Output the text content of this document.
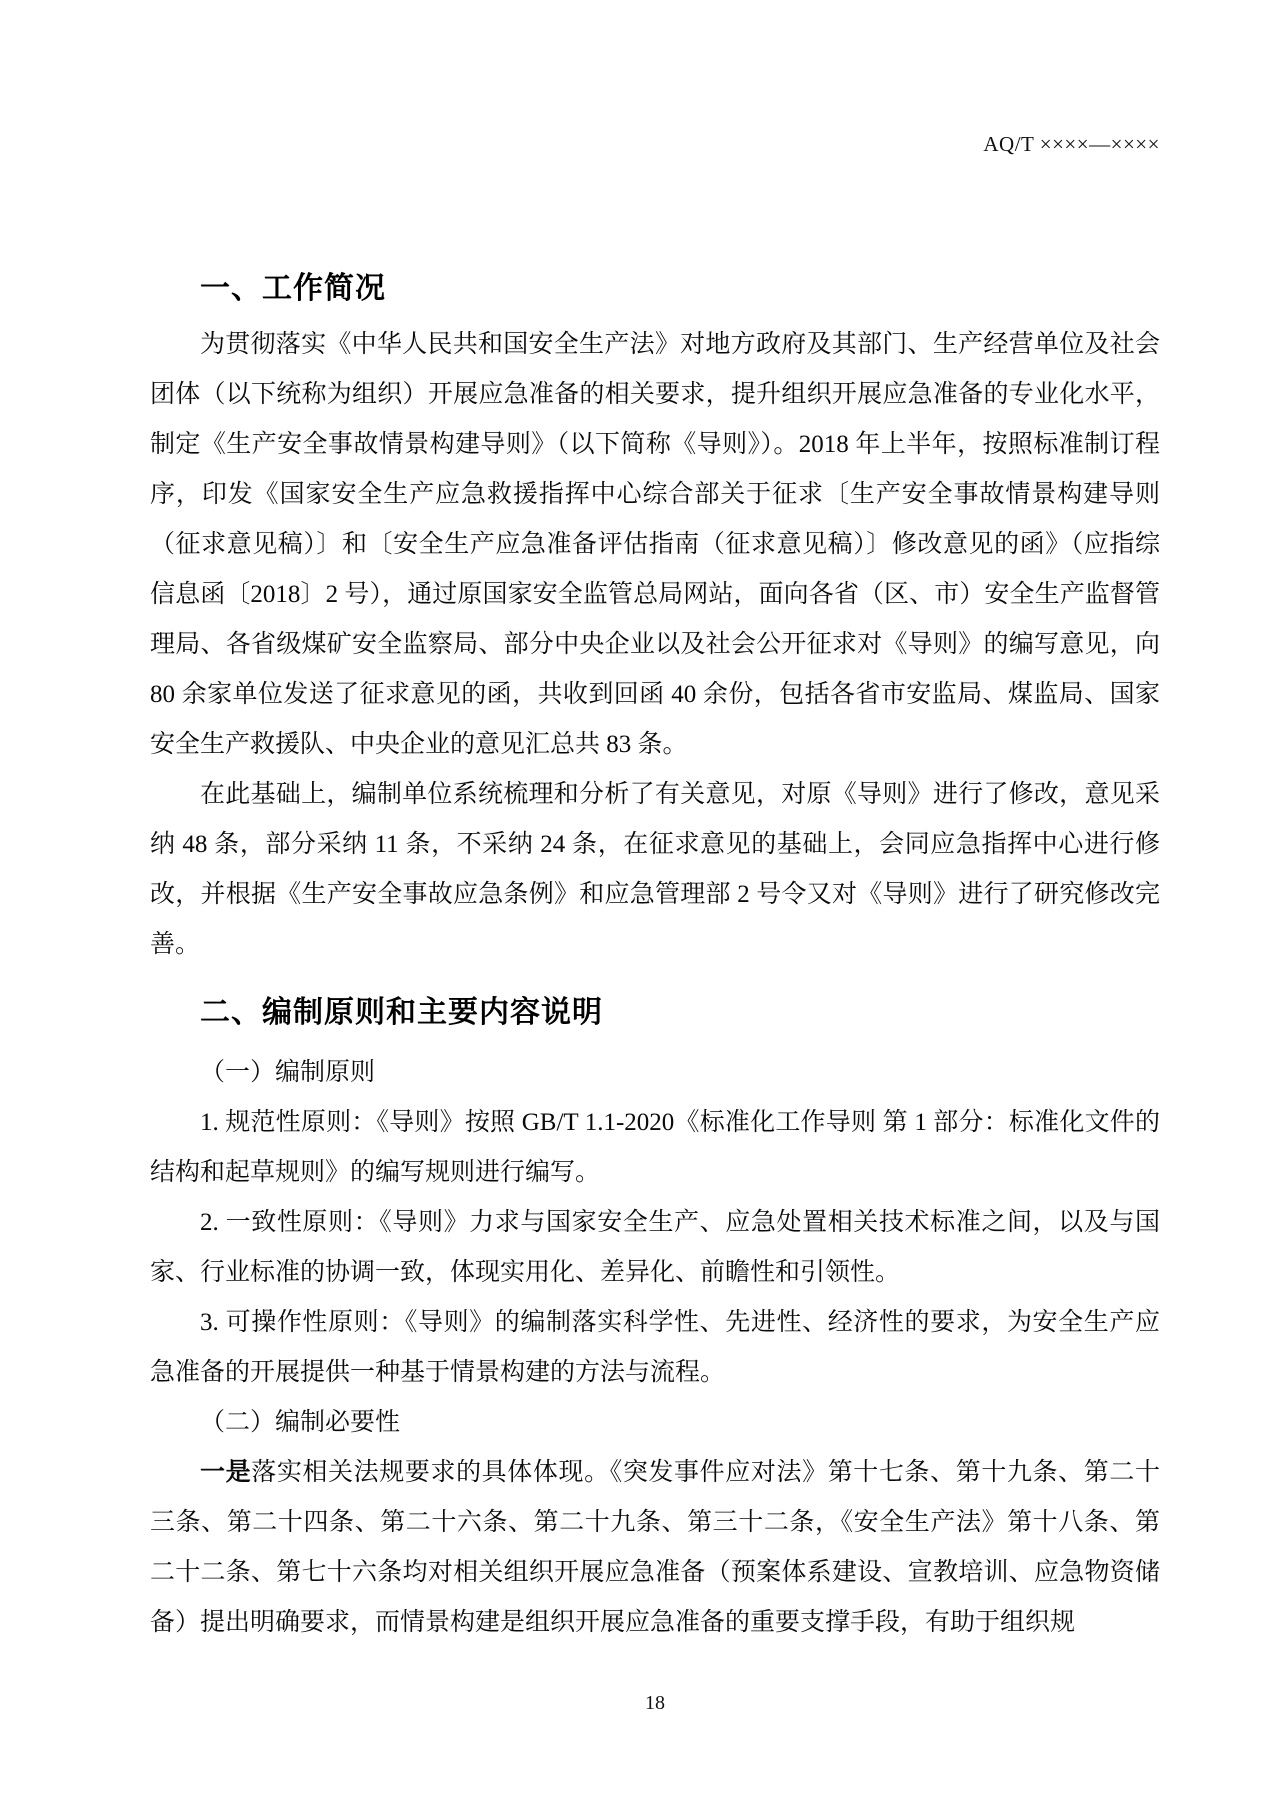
AQ/T ××××—××××
一、工作简况

为贯彻落实《中华人民共和国安全生产法》对地方政府及其部门、生产经营单位及社会团体（以下统称为组织）开展应急准备的相关要求，提升组织开展应急准备的专业化水平，制定《生产安全事故情景构建导则》（以下简称《导则》）。2018 年上半年，按照标准制订程序，印发《国家安全生产应急救援指挥中心综合部关于征求〔生产安全事故情景构建导则（征求意见稿）〕和〔安全生产应急准备评估指南（征求意见稿）〕修改意见的函》（应指综信息函〔2018〕2 号），通过原国家安全监管总局网站，面向各省（区、市）安全生产监督管理局、各省级煤矿安全监察局、部分中央企业以及社会公开征求对《导则》的编写意见，向 80 余家单位发送了征求意见的函，共收到回函 40 余份，包括各省市安监局、煤监局、国家安全生产救援队、中央企业的意见汇总共 83 条。

在此基础上，编制单位系统梳理和分析了有关意见，对原《导则》进行了修改，意见采纳 48 条，部分采纳 11 条，不采纳 24 条，在征求意见的基础上，会同应急指挥中心进行修改，并根据《生产安全事故应急条例》和应急管理部 2 号令又对《导则》进行了研究修改完善。

二、编制原则和主要内容说明

（一）编制原则

1. 规范性原则：《导则》按照 GB/T 1.1-2020《标准化工作导则 第 1 部分：标准化文件的结构和起草规则》的编写规则进行编写。

2. 一致性原则：《导则》力求与国家安全生产、应急处置相关技术标准之间，以及与国家、行业标准的协调一致，体现实用化、差异化、前瞻性和引领性。

3. 可操作性原则：《导则》的编制落实科学性、先进性、经济性的要求，为安全生产应急准备的开展提供一种基于情景构建的方法与流程。

（二）编制必要性

一是落实相关法规要求的具体体现。《突发事件应对法》第十七条、第十九条、第二十三条、第二十四条、第二十六条、第二十九条、第三十二条，《安全生产法》第十八条、第二十二条、第七十六条均对相关组织开展应急准备（预案体系建设、宣教培训、应急物资储备）提出明确要求，而情景构建是组织开展应急准备的重要支撑手段，有助于组织规

18
